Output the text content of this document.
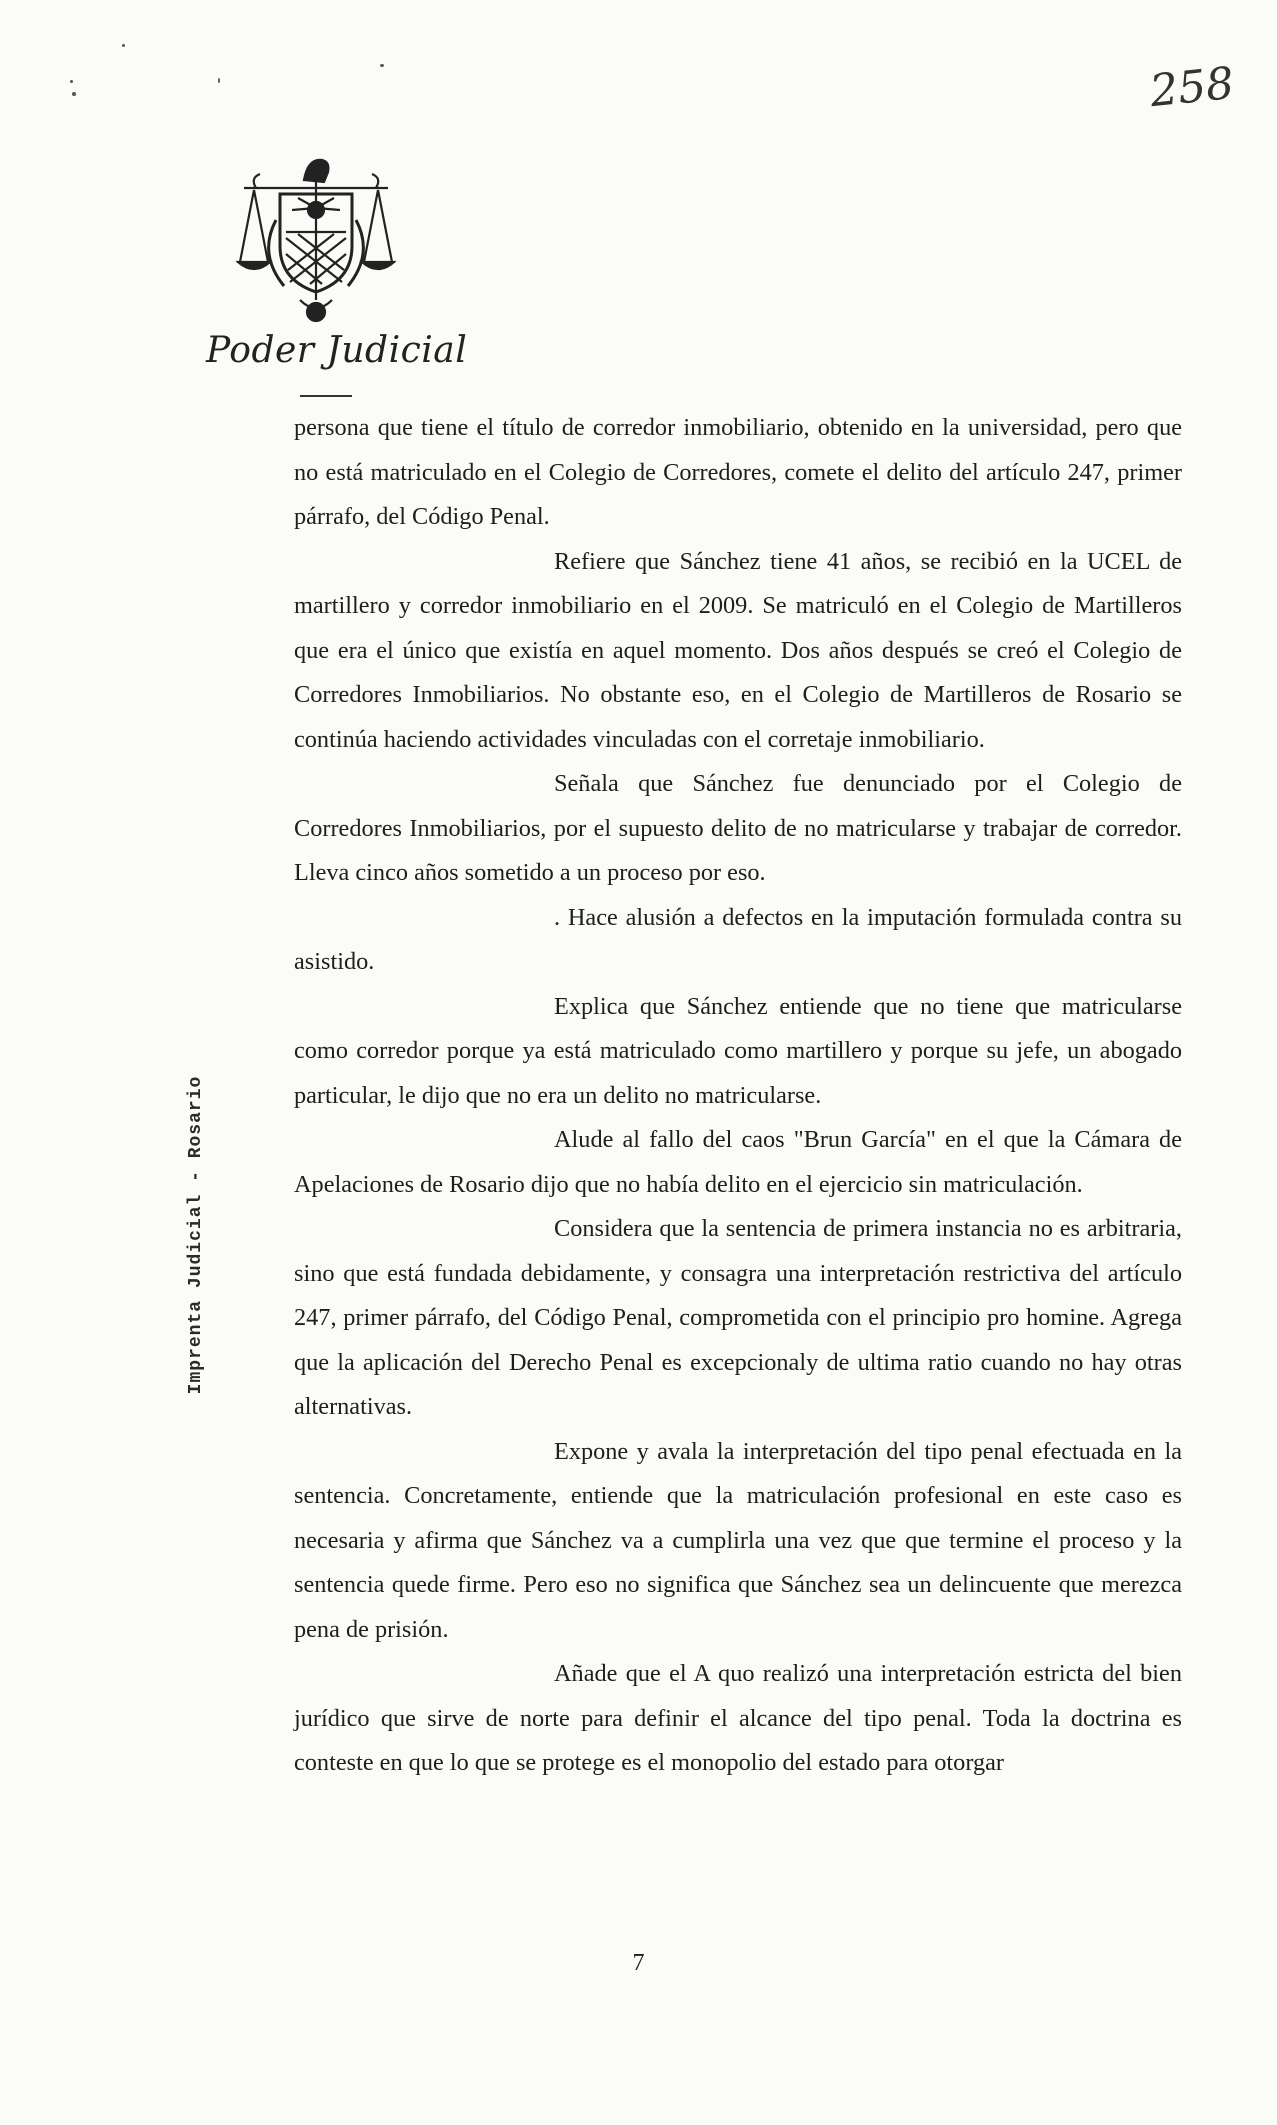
258
Poder Judicial
Imprenta Judicial - Rosario

persona que tiene el título de corredor inmobiliario, obtenido en la universidad, pero que no está matriculado en el Colegio de Corredores, comete el delito del artículo 247, primer párrafo, del Código Penal.

Refiere que Sánchez tiene 41 años, se recibió en la UCEL de martillero y corredor inmobiliario en el 2009. Se matriculó en el Colegio de Martilleros que era el único que existía en aquel momento. Dos años después se creó el Colegio de Corredores Inmobiliarios. No obstante eso, en el Colegio de Martilleros de Rosario se continúa haciendo actividades vinculadas con el corretaje inmobiliario.

Señala que Sánchez fue denunciado por el Colegio de Corredores Inmobiliarios, por el supuesto delito de no matricularse y trabajar de corredor. Lleva cinco años sometido a un proceso por eso.

. Hace alusión a defectos en la imputación formulada contra su asistido.

Explica que Sánchez entiende que no tiene que matricularse como corredor porque ya está matriculado como martillero y porque su jefe, un abogado particular, le dijo que no era un delito no matricularse.

Alude al fallo del caos "Brun García" en el que la Cámara de Apelaciones de Rosario dijo que no había delito en el ejercicio sin matriculación.

Considera que la sentencia de primera instancia no es arbitraria, sino que está fundada debidamente, y consagra una interpretación restrictiva del artículo 247, primer párrafo, del Código Penal, comprometida con el principio pro homine. Agrega que la aplicación del Derecho Penal es excepcionaly de ultima ratio cuando no hay otras alternativas.

Expone y avala la interpretación del tipo penal efectuada en la sentencia. Concretamente, entiende que la matriculación profesional en este caso es necesaria y afirma que Sánchez va a cumplirla una vez que que termine el proceso y la sentencia quede firme. Pero eso no significa que Sánchez sea un delincuente que merezca pena de prisión.

Añade que el A quo realizó una interpretación estricta del bien jurídico que sirve de norte para definir el alcance del tipo penal. Toda la doctrina es conteste en que lo que se protege es el monopolio del estado para otorgar

7
